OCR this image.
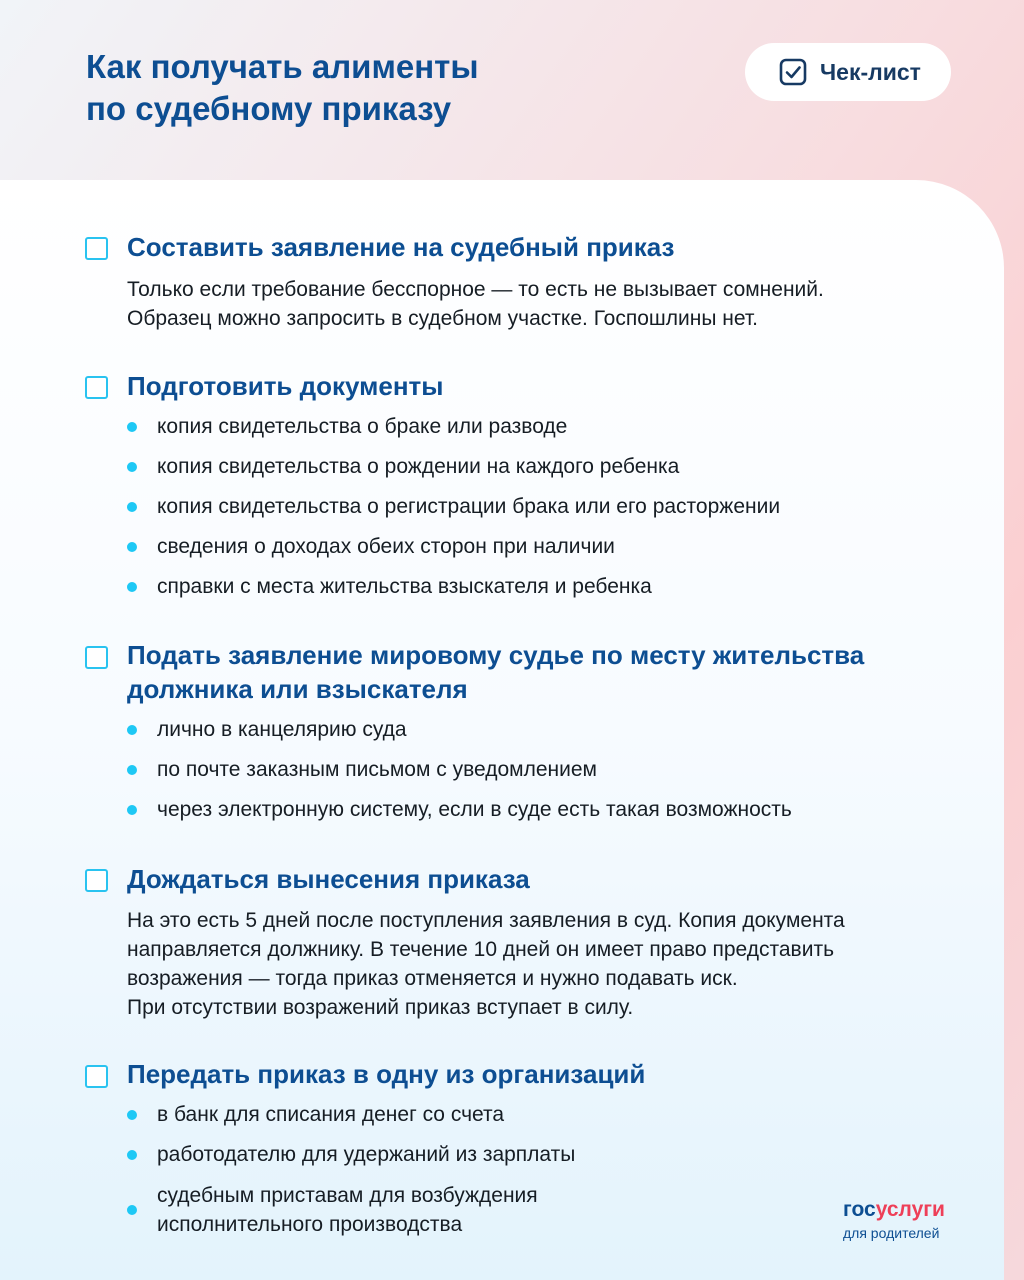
Как получать алименты
по судебному приказу
Чек-лист
Составить заявление на судебный приказ

Только если требование бесспорное — то есть не вызывает сомнений.
Образец можно запросить в судебном участке. Госпошлины нет.

Подготовить документы
копия свидетельства о браке или разводе
копия свидетельства о рождении на каждого ребенка
копия свидетельства о регистрации брака или его расторжении
сведения о доходах обеих сторон при наличии
справки с места жительства взыскателя и ребенка
Подать заявление мировому судье по месту жительства должника или взыскателя
лично в канцелярию суда
по почте заказным письмом с уведомлением
через электронную систему, если в суде есть такая возможность
Дождаться вынесения приказа

На это есть 5 дней после поступления заявления в суд. Копия документа
направляется должнику. В течение 10 дней он имеет право представить
возражения — тогда приказ отменяется и нужно подавать иск.
При отсутствии возражений приказ вступает в силу.

Передать приказ в одну из организаций
в банк для списания денег со счета
работодателю для удержаний из зарплаты
судебным приставам для возбуждения
исполнительного производства
госуслуги
для родителей
